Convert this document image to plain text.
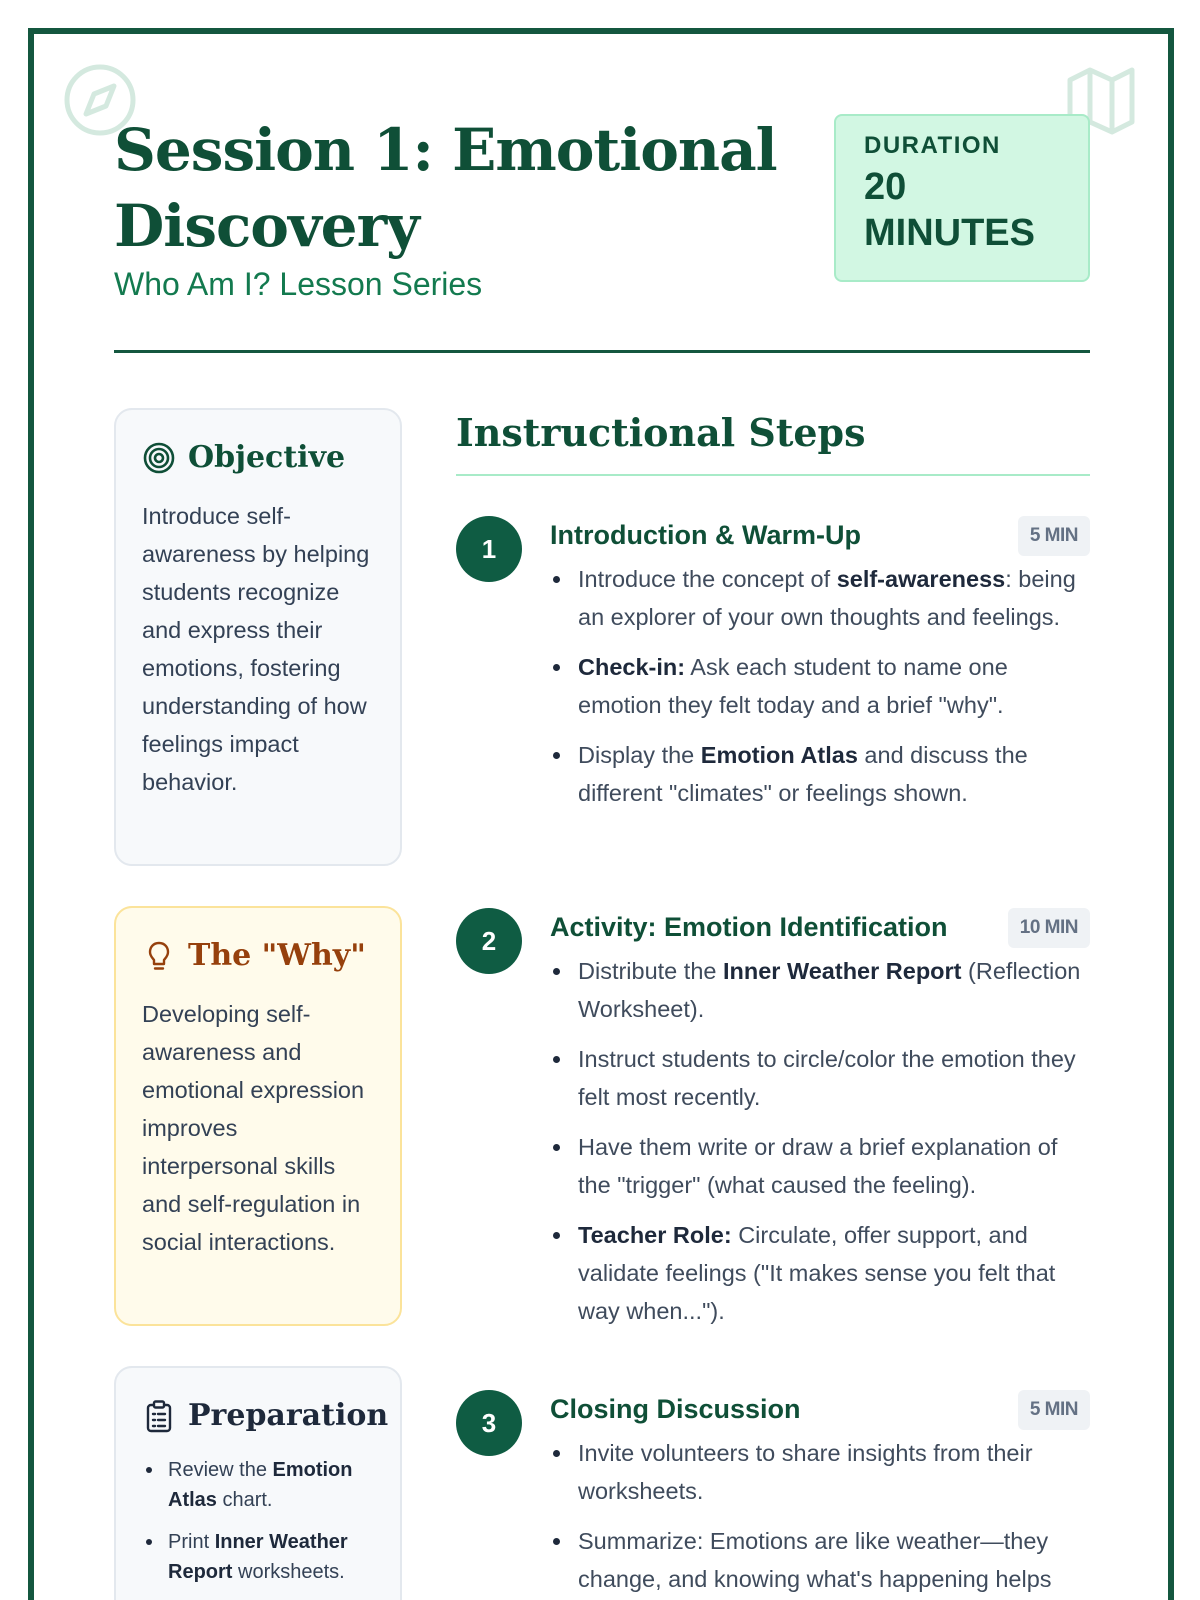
Session 1: Emotional Discovery
Who Am I? Lesson Series
DURATION
20 MINUTES
Objective

Introduce self-awareness by helping students recognize and express their emotions, fostering understanding of how feelings impact behavior.

The "Why"

Developing self-awareness and emotional expression improves interpersonal skills and self-regulation in social interactions.

Preparation
Review the Emotion Atlas chart.
Print Inner Weather Report worksheets.
Instructional Steps
1	Introduction & Warm-Up	5 MIN
Introduce the concept of self-awareness: being an explorer of your own thoughts and feelings.
Check-in: Ask each student to name one emotion they felt today and a brief "why".
Display the Emotion Atlas and discuss the different "climates" or feelings shown.
2	Activity: Emotion Identification	10 MIN
Distribute the Inner Weather Report (Reflection Worksheet).
Instruct students to circle/color the emotion they felt most recently.
Have them write or draw a brief explanation of the "trigger" (what caused the feeling).
Teacher Role: Circulate, offer support, and validate feelings ("It makes sense you felt that way when...").
3	Closing Discussion	5 MIN
Invite volunteers to share insights from their worksheets.
Summarize: Emotions are like weather—they change, and knowing what's happening helps
